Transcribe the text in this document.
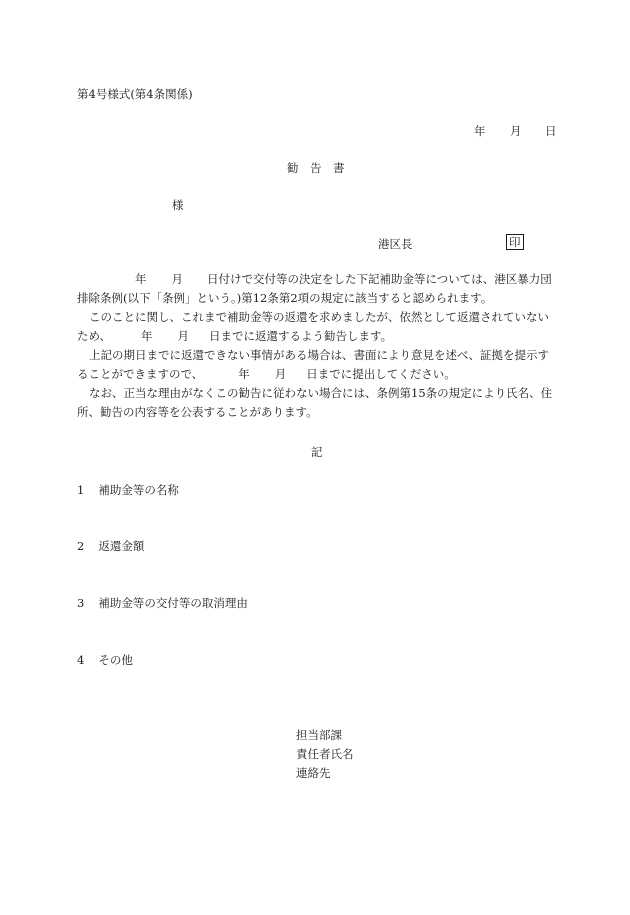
第4号様式(第4条関係)
年 月 日
勧　告　書
様
港区長	印

年 月 日付けで交付等の決定をした下記補助金等については、港区暴力団排除条例(以下「条例」という。)第12条第2項の規定に該当すると認められます。

このことに関し、これまで補助金等の返還を求めましたが、依然として返還されていないため、	年 月 日までに返還するよう勧告します。

上記の期日までに返還できない事情がある場合は、書面により意見を述べ、証拠を提示することができますので、	年 月 日までに提出してください。

なお、正当な理由がなくこの勧告に従わない場合には、条例第15条の規定により氏名、住所、勧告の内容等を公表することがあります。

記
1 補助金等の名称
2 返還金額
3 補助金等の交付等の取消理由
4 その他
担当部課
責任者氏名
連絡先
